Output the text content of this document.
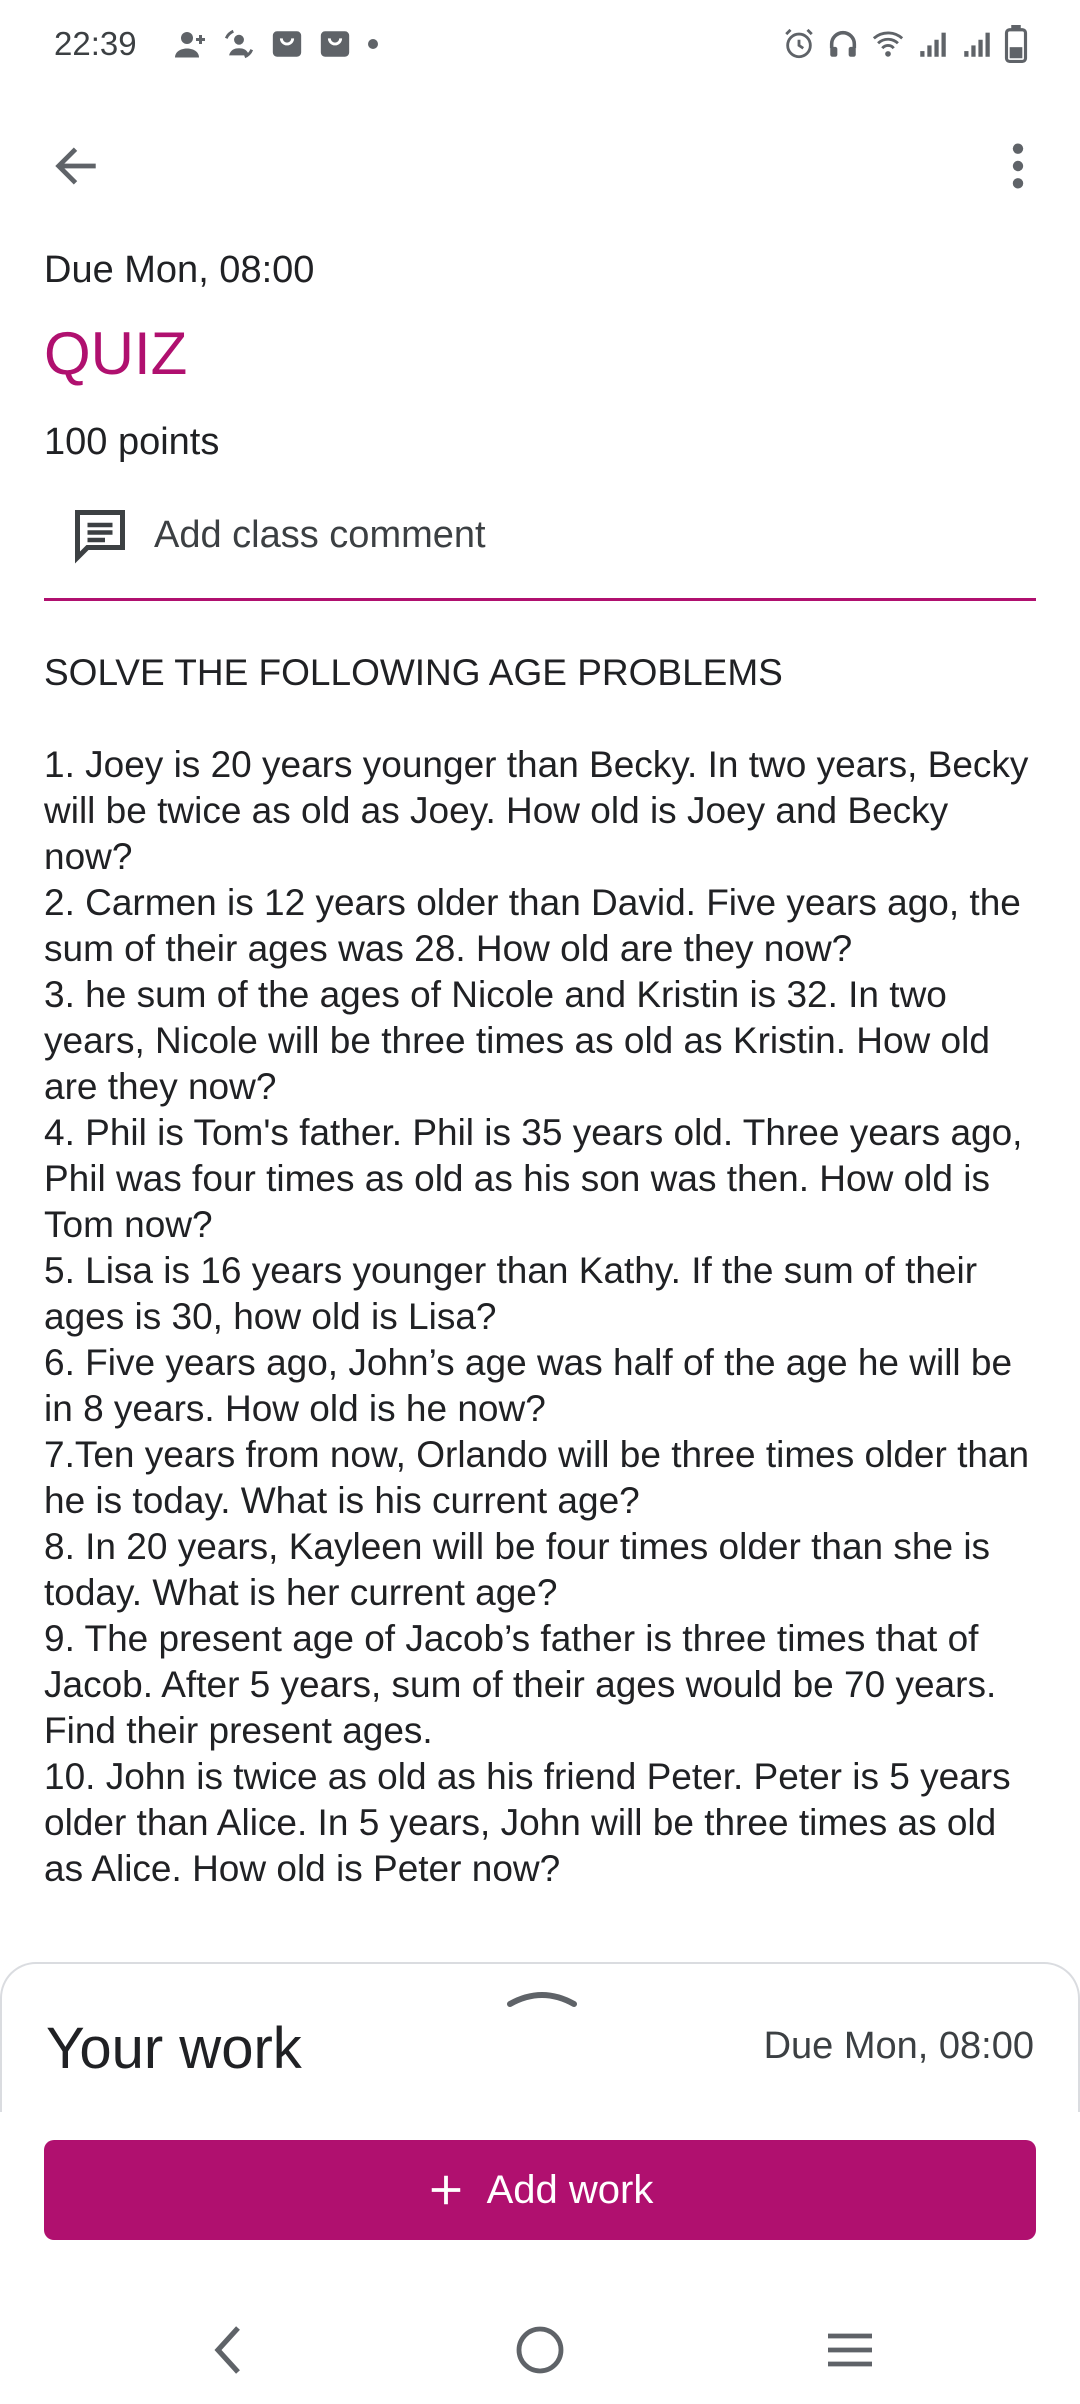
22:39
Due Mon, 08:00
QUIZ
100 points
Add class comment

SOLVE THE FOLLOWING AGE PROBLEMS

1. Joey is 20 years younger than Becky. In two years, Becky will be twice as old as Joey. How old is Joey and Becky now?

2. Carmen is 12 years older than David. Five years ago, the sum of their ages was 28. How old are they now?

3. he sum of the ages of Nicole and Kristin is 32. In two years, Nicole will be three times as old as Kristin. How old are they now?

4. Phil is Tom's father. Phil is 35 years old. Three years ago, Phil was four times as old as his son was then. How old is Tom now?

5. Lisa is 16 years younger than Kathy. If the sum of their ages is 30, how old is Lisa?

6. Five years ago, John’s age was half of the age he will be in 8 years. How old is he now?

7.Ten years from now, Orlando will be three times older than he is today. What is his current age?

8. In 20 years, Kayleen will be four times older than she is today. What is her current age?

9. The present age of Jacob’s father is three times that of Jacob. After 5 years, sum of their ages would be 70 years. Find their present ages.

10. John is twice as old as his friend Peter. Peter is 5 years older than Alice. In 5 years, John will be three times as old as Alice. How old is Peter now?

Your work	Due Mon, 08:00
Add work
